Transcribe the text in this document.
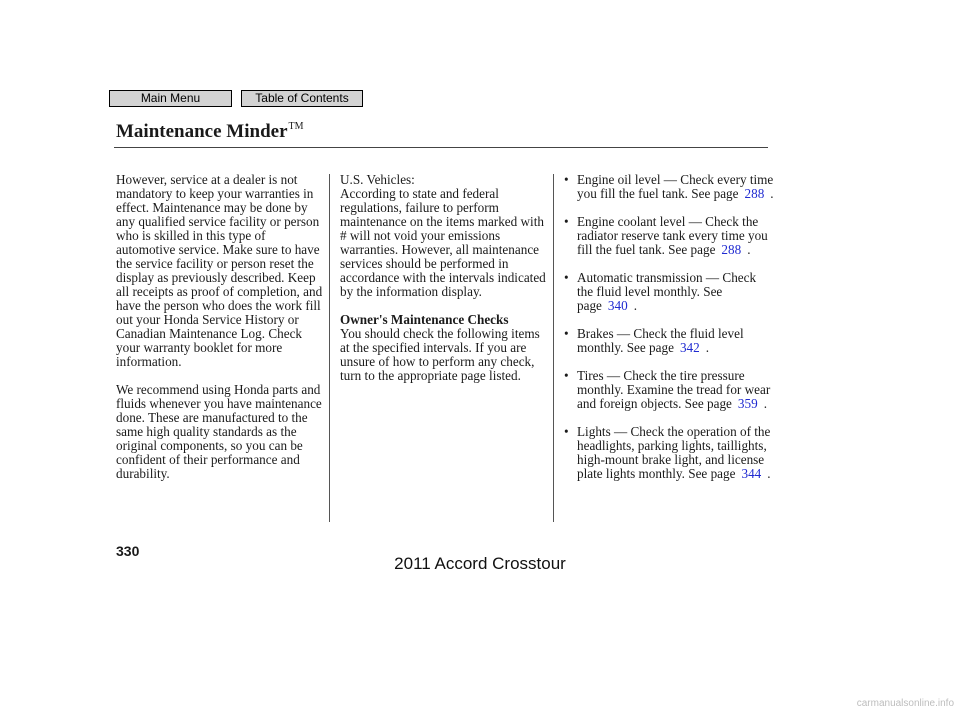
Main Menu	Table of Contents
Maintenance Minder™

However, service at a dealer is not mandatory to keep your warranties in effect. Maintenance may be done by any qualified service facility or person who is skilled in this type of automotive service. Make sure to have the service facility or person reset the display as previously described. Keep all receipts as proof of completion, and have the person who does the work fill out your Honda Service History or Canadian Maintenance Log. Check your warranty booklet for more information.

We recommend using Honda parts and fluids whenever you have maintenance done. These are manufactured to the same high quality standards as the original components, so you can be confident of their performance and durability.

U.S. Vehicles:

According to state and federal regulations, failure to perform maintenance on the items marked with # will not void your emissions warranties. However, all maintenance services should be performed in accordance with the intervals indicated by the information display.

Owner's Maintenance Checks

You should check the following items at the specified intervals. If you are unsure of how to perform any check, turn to the appropriate page listed.

• Engine oil level — Check every time you fill the fuel tank. See page 288 .

• Engine coolant level — Check the radiator reserve tank every time you fill the fuel tank. See page 288 .

• Automatic transmission — Check the fluid level monthly. See page 340 .

• Brakes — Check the fluid level monthly. See page 342 .

• Tires — Check the tire pressure monthly. Examine the tread for wear and foreign objects. See page 359 .

• Lights — Check the operation of the headlights, parking lights, taillights, high-mount brake light, and license plate lights monthly. See page 344 .

330
2011 Accord Crosstour
carmanualsonline.info
